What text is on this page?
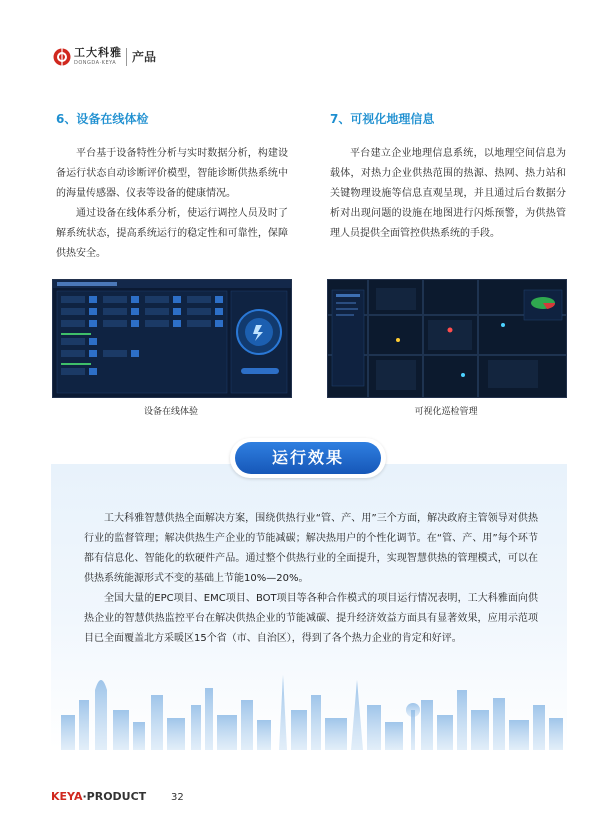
工大科雅
DONGDA·KEYA 产品
6、设备在线体检
平台基于设备特性分析与实时数据分析，构建设备运行状态自动诊断评价模型，智能诊断供热系统中的海量传感器、仪表等设备的健康情况。
通过设备在线体系分析，使运行调控人员及时了解系统状态，提高系统运行的稳定性和可靠性，保障供热安全。
7、可视化地理信息
平台建立企业地理信息系统，以地理空间信息为载体，对热力企业供热范围的热源、热网、热力站和关键物理设施等信息直观呈现，并且通过后台数据分析对出现问题的设施在地图进行闪烁预警，为供热管理人员提供全面管控供热系统的手段。
设备在线体验	可视化巡检管理
运行效果
工大科雅智慧供热全面解决方案，围绕供热行业“管、产、用”三个方面，解决政府主管领导对供热行业的监督管理；解决供热生产企业的节能减碳；解决热用户的个性化调节。在“管、产、用”每个环节都有信息化、智能化的软硬件产品。通过整个供热行业的全面提升，实现智慧供热的管理模式，可以在供热系统能源形式不变的基础上节能10%—20%。
全国大量的EPC项目、EMC项目、BOT项目等各种合作模式的项目运行情况表明，工大科雅面向供热企业的智慧供热监控平台在解决供热企业的节能减碳、提升经济效益方面具有显著效果，应用示范项目已全面覆盖北方采暖区15个省（市、自治区），得到了各个热力企业的肯定和好评。
KEYA·PRODUCT 32
